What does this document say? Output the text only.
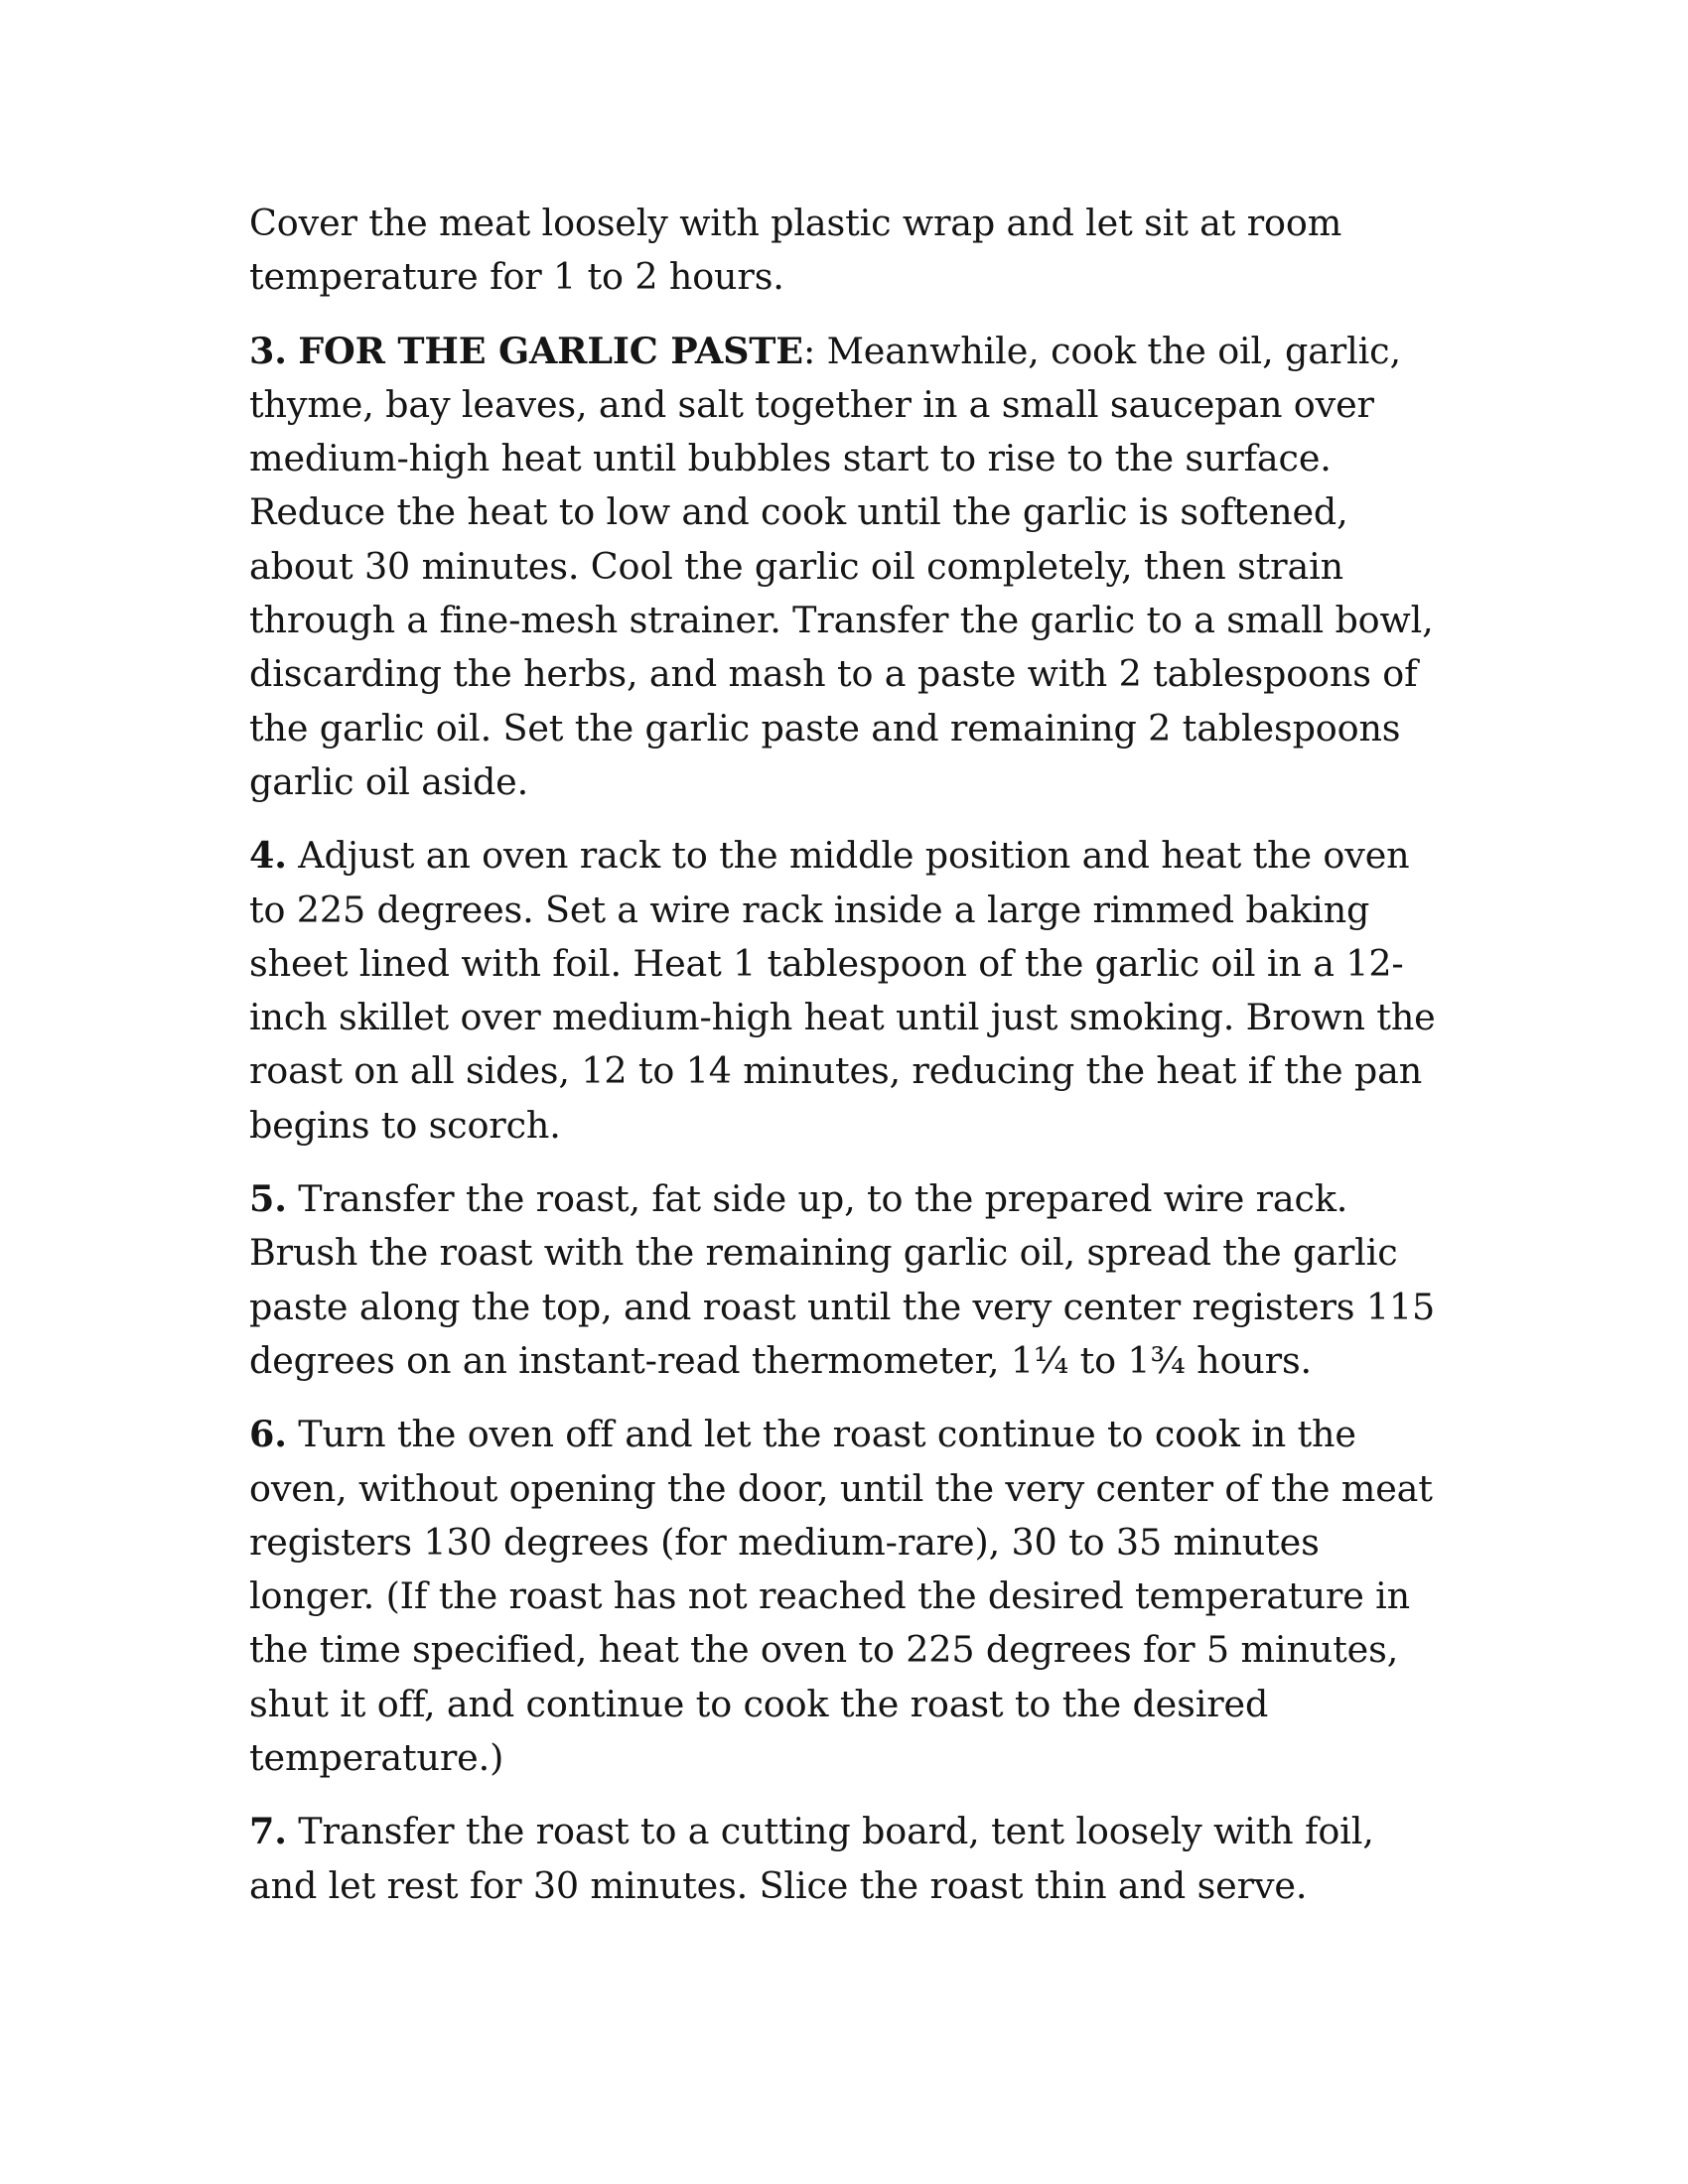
Cover the meat loosely with plastic wrap and let sit at room temperature for 1 to 2 hours.

3. FOR THE GARLIC PASTE: Meanwhile, cook the oil, garlic, thyme, bay leaves, and salt together in a small saucepan over medium-high heat until bubbles start to rise to the surface. Reduce the heat to low and cook until the garlic is softened, about 30 minutes. Cool the garlic oil completely, then strain through a fine-mesh strainer. Transfer the garlic to a small bowl, discarding the herbs, and mash to a paste with 2 tablespoons of the garlic oil. Set the garlic paste and remaining 2 tablespoons garlic oil aside.

4. Adjust an oven rack to the middle position and heat the oven to 225 degrees. Set a wire rack inside a large rimmed baking sheet lined with foil. Heat 1 tablespoon of the garlic oil in a 12-inch skillet over medium-high heat until just smoking. Brown the roast on all sides, 12 to 14 minutes, reducing the heat if the pan begins to scorch.

5. Transfer the roast, fat side up, to the prepared wire rack. Brush the roast with the remaining garlic oil, spread the garlic paste along the top, and roast until the very center registers 115 degrees on an instant-read thermometer, 1¼ to 1¾ hours.

6. Turn the oven off and let the roast continue to cook in the oven, without opening the door, until the very center of the meat registers 130 degrees (for medium-rare), 30 to 35 minutes longer. (If the roast has not reached the desired temperature in the time specified, heat the oven to 225 degrees for 5 minutes, shut it off, and continue to cook the roast to the desired temperature.)

7. Transfer the roast to a cutting board, tent loosely with foil, and let rest for 30 minutes. Slice the roast thin and serve.
